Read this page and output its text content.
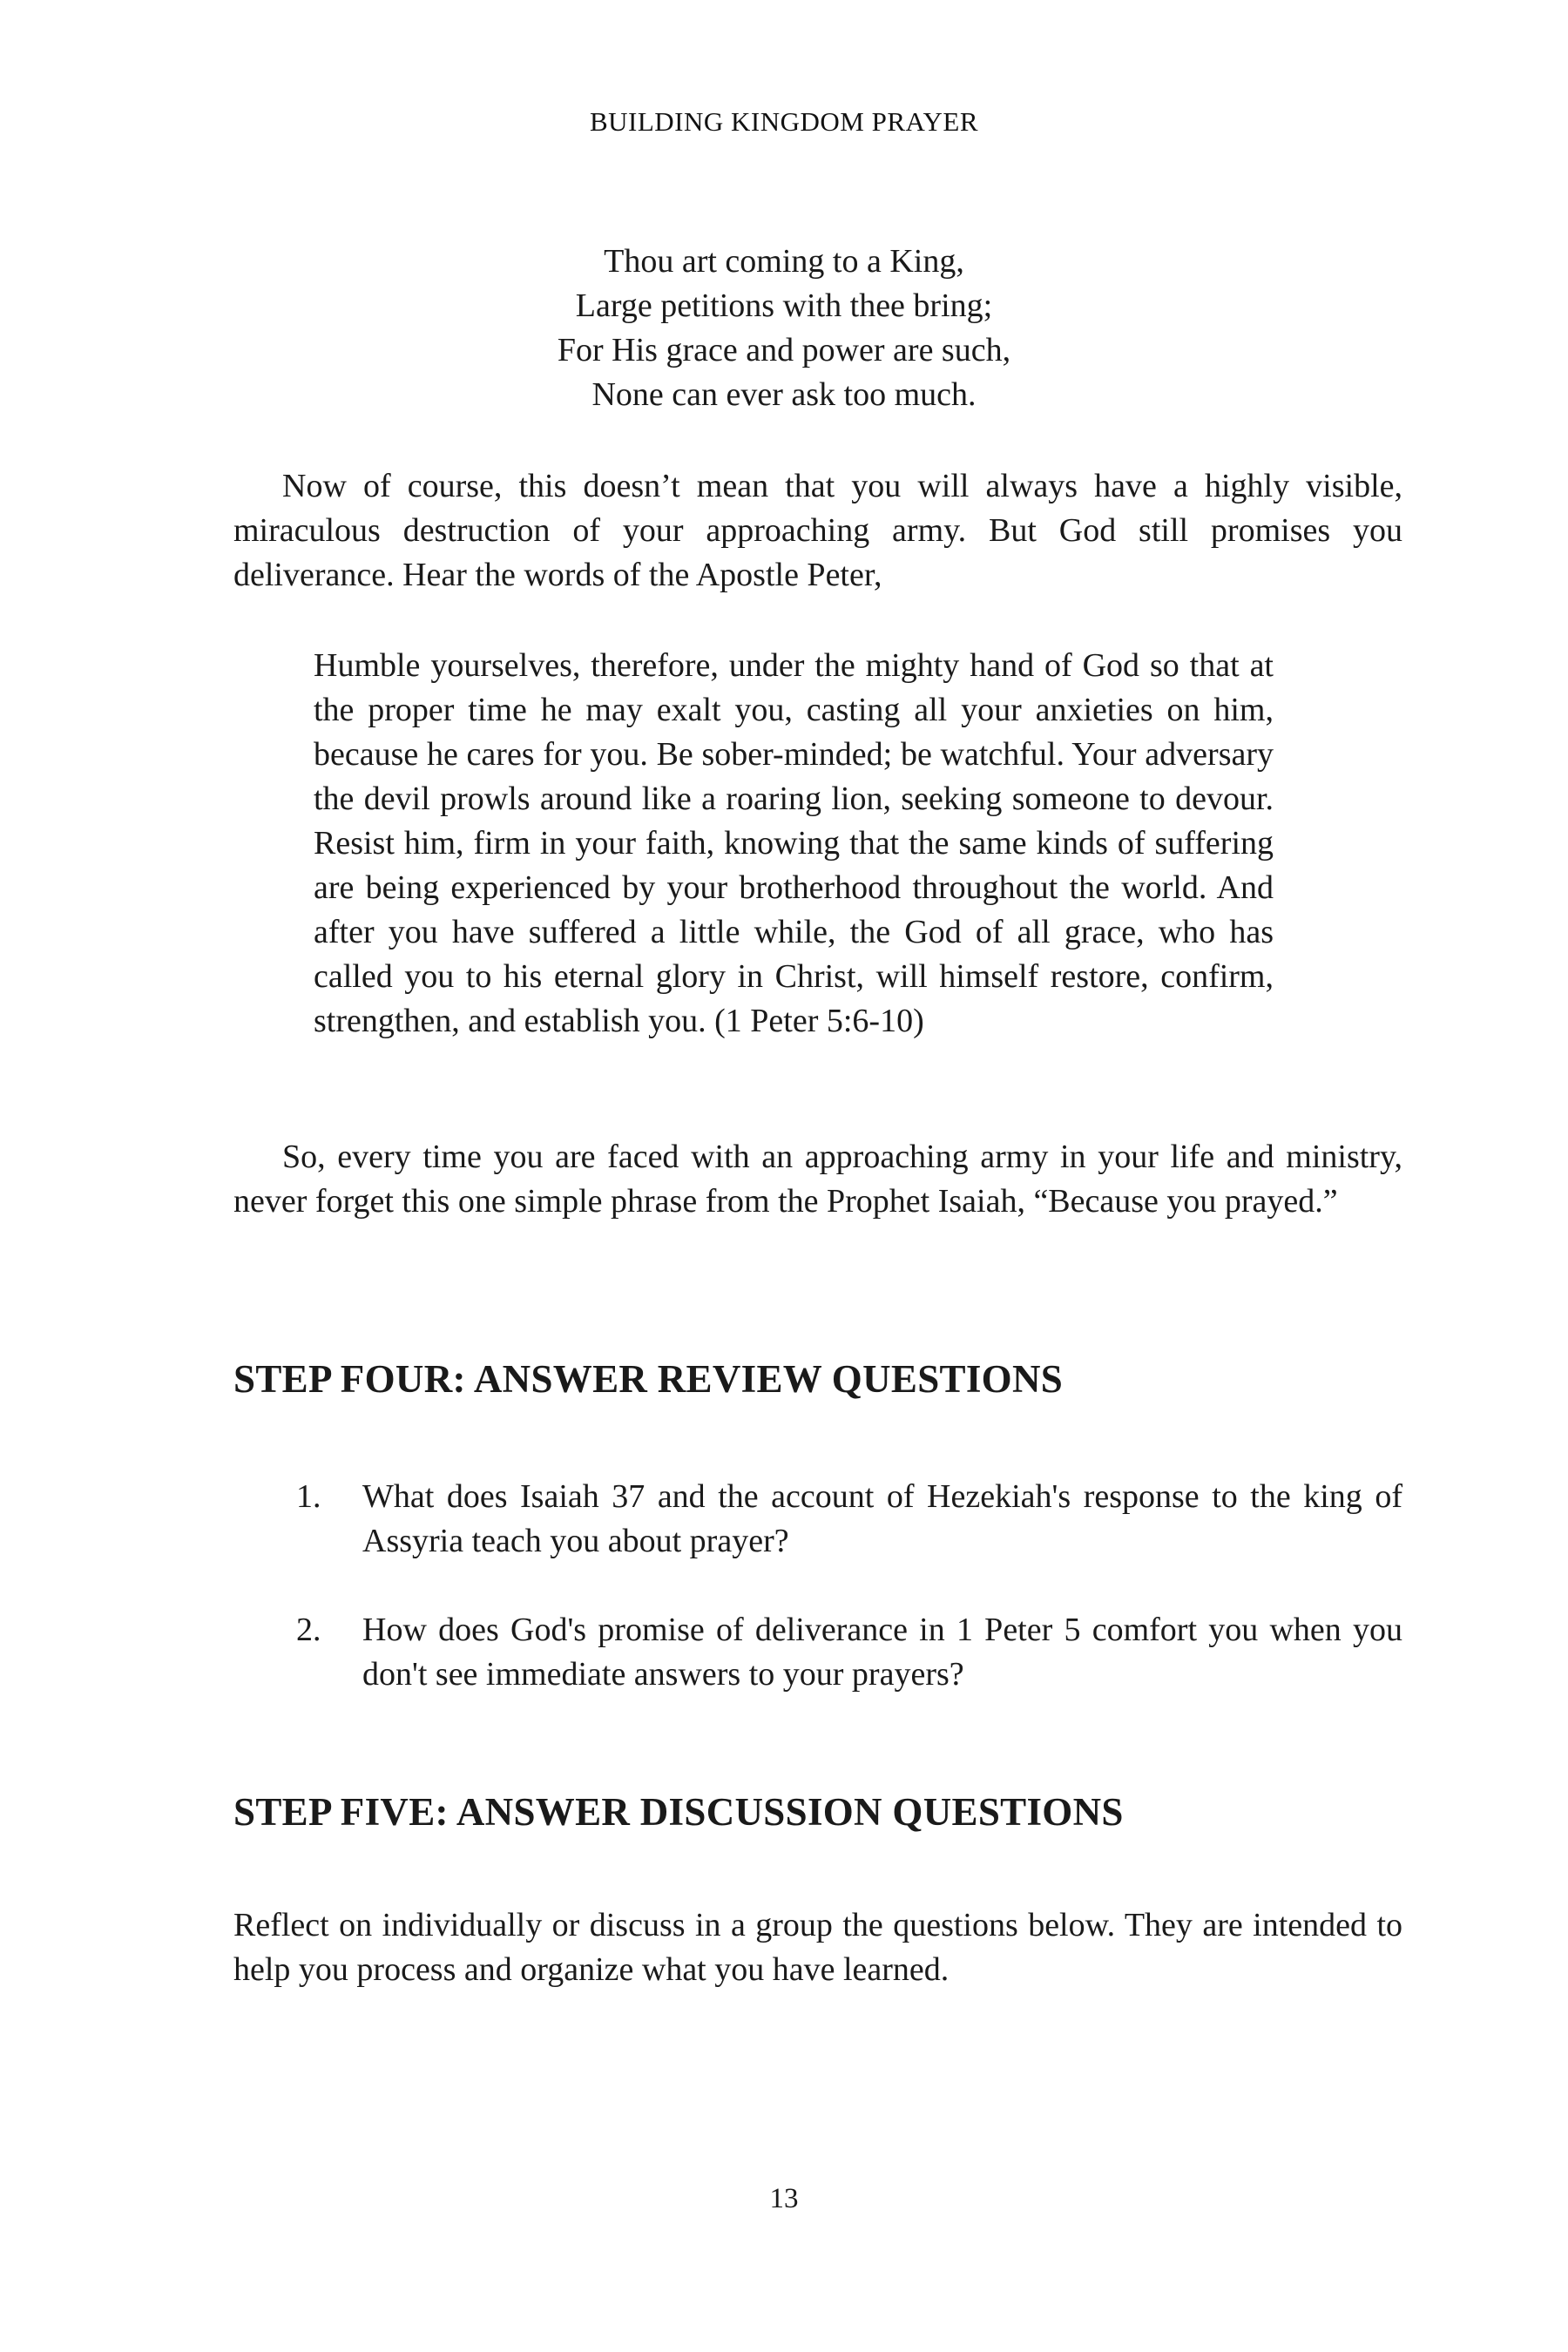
BUILDING KINGDOM PRAYER
Thou art coming to a King,
Large petitions with thee bring;
For His grace and power are such,
None can ever ask too much.

Now of course, this doesn’t mean that you will always have a highly visible, miraculous destruction of your approaching army. But God still promises you deliverance. Hear the words of the Apostle Peter,

Humble yourselves, therefore, under the mighty hand of God so that at the proper time he may exalt you, casting all your anxieties on him, because he cares for you. Be sober-minded; be watchful. Your adversary the devil prowls around like a roaring lion, seeking someone to devour. Resist him, firm in your faith, knowing that the same kinds of suffering are being experienced by your brotherhood throughout the world. And after you have suffered a little while, the God of all grace, who has called you to his eternal glory in Christ, will himself restore, confirm, strengthen, and establish you. (1 Peter 5:6-10)

So, every time you are faced with an approaching army in your life and ministry, never forget this one simple phrase from the Prophet Isaiah, “Because you prayed.”

STEP FOUR: ANSWER REVIEW QUESTIONS
1. What does Isaiah 37 and the account of Hezekiah's response to the king of Assyria teach you about prayer?
2. How does God's promise of deliverance in 1 Peter 5 comfort you when you don't see immediate answers to your prayers?
STEP FIVE: ANSWER DISCUSSION QUESTIONS

Reflect on individually or discuss in a group the questions below. They are intended to help you process and organize what you have learned.

13
